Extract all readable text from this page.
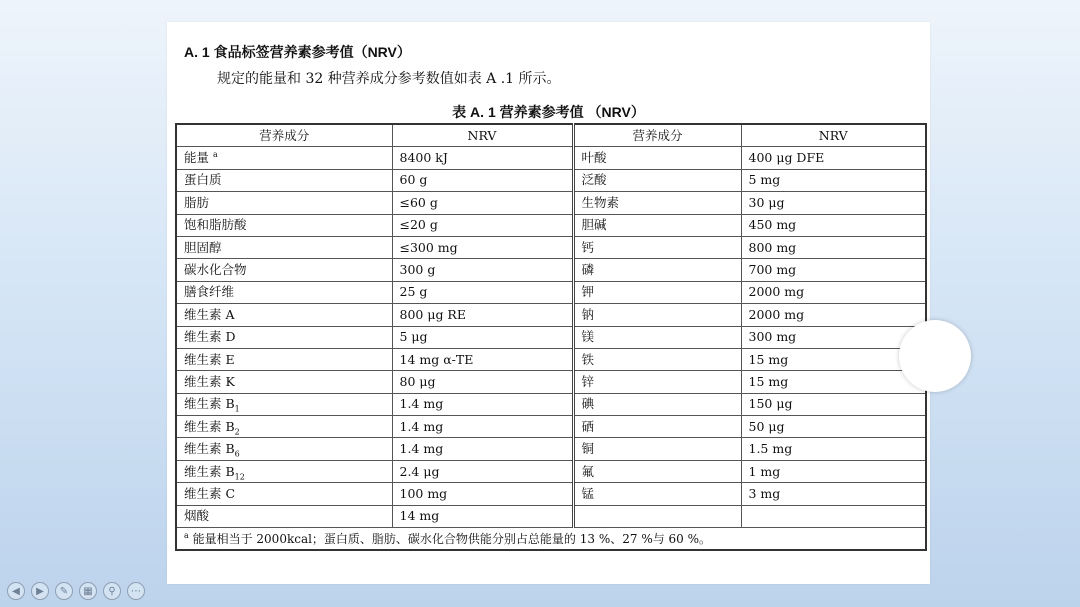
A. 1 食品标签营养素参考值（NRV）
规定的能量和 32 种营养成分参考数值如表 A .1 所示。
表 A. 1 营养素参考值 （NRV）
营养成分	NRV	营养成分	NRV
能量 $^a$	8400 kJ	叶酸	400 μg DFE
蛋白质	60 g	泛酸	5 mg
脂肪	≤60 g	生物素	30 μg
饱和脂肪酸	≤20 g	胆碱	450 mg
胆固醇	≤300 mg	钙	800 mg
碳水化合物	300 g	磷	700 mg
膳食纤维	25 g	钾	2000 mg
维生素 A	800 μg RE	钠	2000 mg
维生素 D	5 μg	镁	300 mg
维生素 E	14 mg α-TE	铁	15 mg
维生素 K	80 μg	锌	15 mg
维生素 $B_1$	1.4 mg	碘	150 μg
维生素 $B_2$	1.4 mg	硒	50 μg
维生素 $B_6$	1.4 mg	铜	1.5 mg
维生素 $B_{12}$	2.4 μg	氟	1 mg
维生素 C	100 mg	锰	3 mg
烟酸	14 mg		
$^a$ 能量相当于 2000kcal；蛋白质、脂肪、碳水化合物供能分别占总能量的 13 %、27 %与 60 %。			
◀	▶	✎	▦	⚲	⋯
